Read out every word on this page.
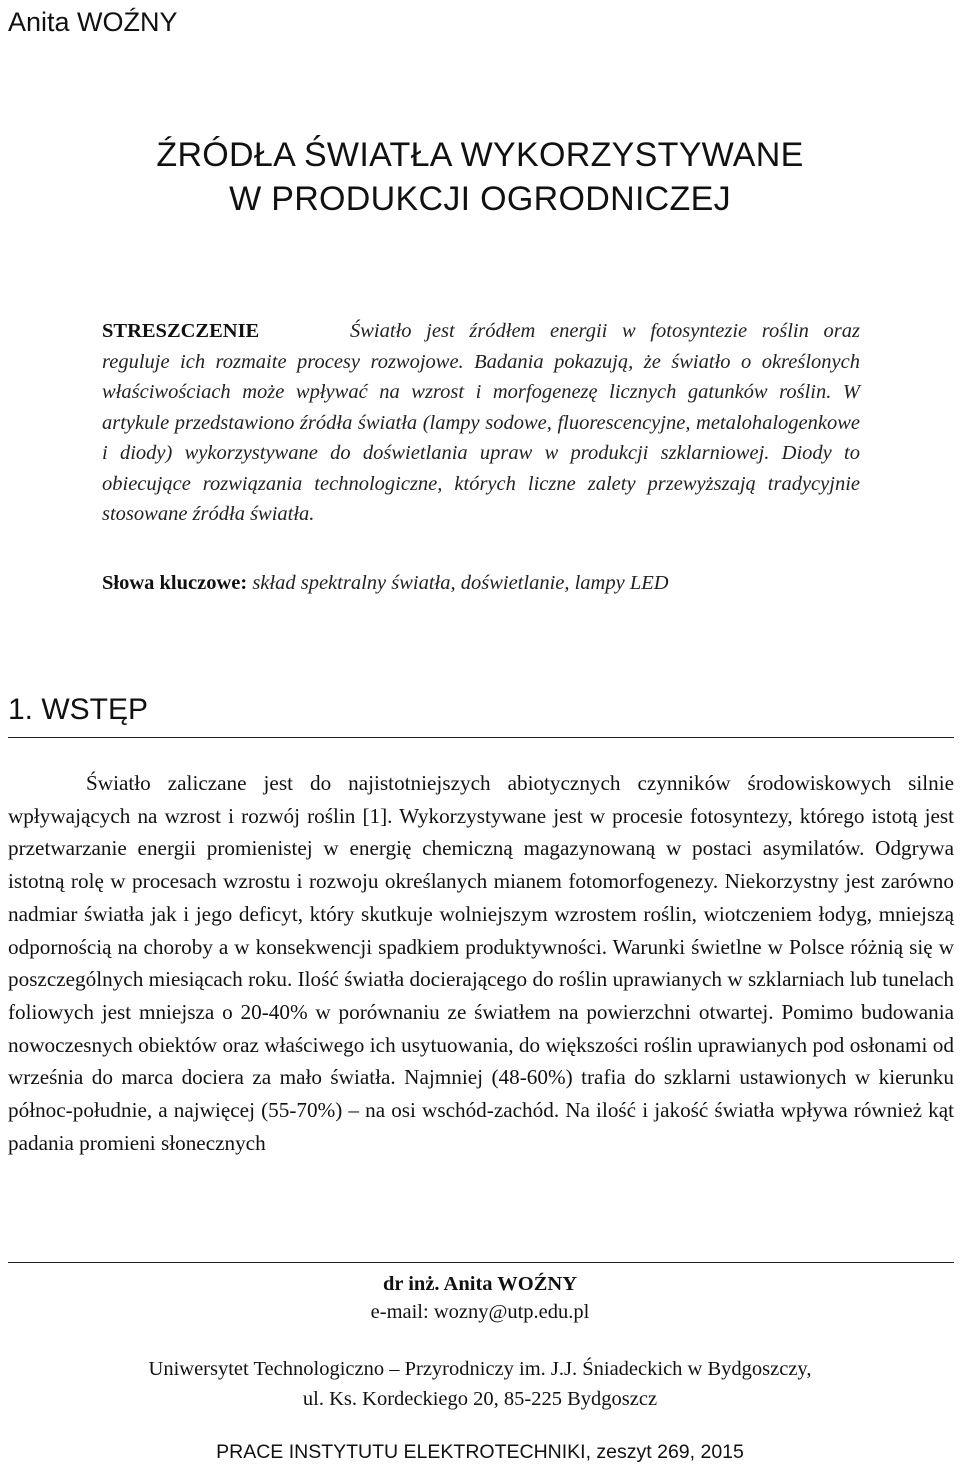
Anita WOŹNY
ŹRÓDŁA ŚWIATŁA WYKORZYSTYWANE
W PRODUKCJI OGRODNICZEJ
STRESZCZENIE	Światło jest źródłem energii w fotosyntezie roślin oraz reguluje ich rozmaite procesy rozwojowe. Badania pokazują, że światło o określonych właściwościach może wpływać na wzrost i morfogenezę licznych gatunków roślin. W artykule przedstawiono źródła światła (lampy sodowe, fluorescencyjne, metalohalogenkowe i diody) wykorzystywane do doświetlania upraw w produkcji szklarniowej. Diody to obiecujące rozwiązania technologiczne, których liczne zalety przewyższają tradycyjnie stosowane źródła światła.
Słowa kluczowe: skład spektralny światła, doświetlanie, lampy LED
1. WSTĘP
Światło zaliczane jest do najistotniejszych abiotycznych czynników środowiskowych silnie wpływających na wzrost i rozwój roślin [1]. Wykorzystywane jest w procesie fotosyntezy, którego istotą jest przetwarzanie energii promienistej w energię chemiczną magazynowaną w postaci asymilatów. Odgrywa istotną rolę w procesach wzrostu i rozwoju określanych mianem fotomorfogenezy. Niekorzystny jest zarówno nadmiar światła jak i jego deficyt, który skutkuje wolniejszym wzrostem roślin, wiotczeniem łodyg, mniejszą odpornością na choroby a w konsekwencji spadkiem produktywności. Warunki świetlne w Polsce różnią się w poszczególnych miesiącach roku. Ilość światła docierającego do roślin uprawianych w szklarniach lub tunelach foliowych jest mniejsza o 20-40% w porównaniu ze światłem na powierzchni otwartej. Pomimo budowania nowoczesnych obiektów oraz właściwego ich usytuowania, do większości roślin uprawianych pod osłonami od września do marca dociera za mało światła. Najmniej (48-60%) trafia do szklarni ustawionych w kierunku północ-południe, a najwięcej (55-70%) – na osi wschód-zachód. Na ilość i jakość światła wpływa również kąt padania promieni słonecznych
dr inż. Anita WOŹNY
e-mail: wozny@utp.edu.pl
Uniwersytet Technologiczno – Przyrodniczy im. J.J. Śniadeckich w Bydgoszczy,
ul. Ks. Kordeckiego 20, 85-225 Bydgoszcz
PRACE INSTYTUTU ELEKTROTECHNIKI, zeszyt 269, 2015
